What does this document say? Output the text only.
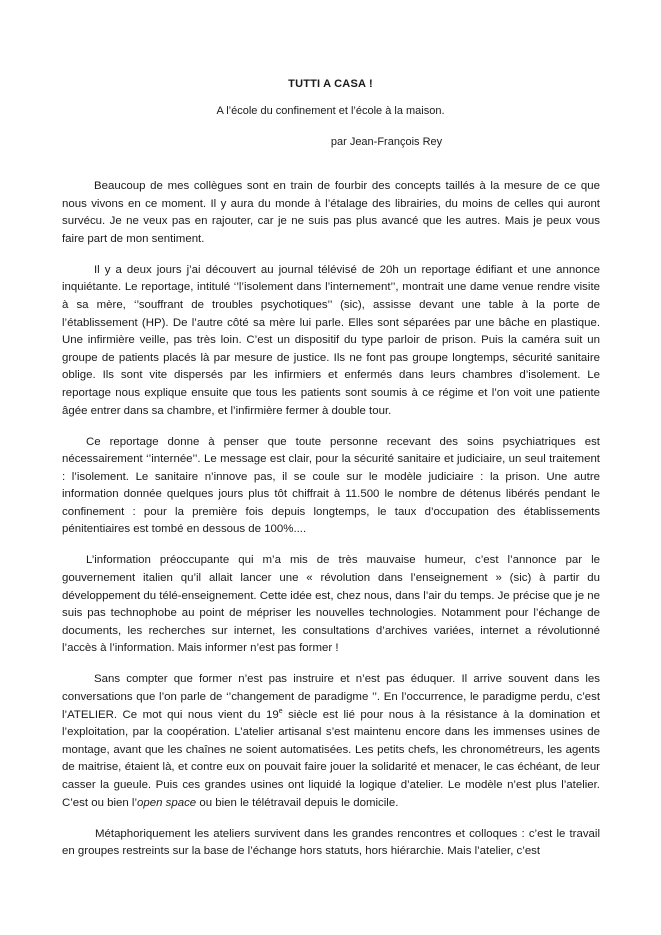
TUTTI A CASA !
A l’école du confinement et l’école à la maison.
par Jean-François Rey

Beaucoup de mes collègues sont en train de fourbir des concepts taillés à la mesure de ce que nous vivons en ce moment. Il y aura du monde à l’étalage des librairies, du moins de celles qui auront survécu. Je ne veux pas en rajouter, car je ne suis pas plus avancé que les autres. Mais je peux vous faire part de mon sentiment.

Il y a deux jours j’ai découvert au journal télévisé de 20h un reportage édifiant et une annonce inquiétante. Le reportage, intitulé ‘’l’isolement dans l’internement’’, montrait une dame venue rendre visite à sa mère, ‘’souffrant de troubles psychotiques’’ (sic), assisse devant une table à la porte de l’établissement (HP). De l’autre côté sa mère lui parle. Elles sont séparées par une bâche en plastique. Une infirmière veille, pas très loin. C’est un dispositif du type parloir de prison. Puis la caméra suit un groupe de patients placés là par mesure de justice. Ils ne font pas groupe longtemps, sécurité sanitaire oblige. Ils sont vite dispersés par les infirmiers et enfermés dans leurs chambres d’isolement. Le reportage nous explique ensuite que tous les patients sont soumis à ce régime et l’on voit une patiente âgée entrer dans sa chambre, et l’infirmière fermer à double tour.

Ce reportage donne à penser que toute personne recevant des soins psychiatriques est nécessairement ‘’internée’’. Le message est clair, pour la sécurité sanitaire et judiciaire, un seul traitement : l’isolement. Le sanitaire n’innove pas, il se coule sur le modèle judiciaire : la prison. Une autre information donnée quelques jours plus tôt chiffrait à 11.500 le nombre de détenus libérés pendant le confinement : pour la première fois depuis longtemps, le taux d’occupation des établissements pénitentiaires est tombé en dessous de 100%....

L’information préoccupante qui m’a mis de très mauvaise humeur, c’est l’annonce par le gouvernement italien qu’il allait lancer une « révolution dans l’enseignement » (sic) à partir du développement du télé-enseignement. Cette idée est, chez nous, dans l’air du temps. Je précise que je ne suis pas technophobe au point de mépriser les nouvelles technologies. Notamment pour l’échange de documents, les recherches sur internet, les consultations d’archives variées, internet a révolutionné l’accès à l’information. Mais informer n’est pas former !

Sans compter que former n’est pas instruire et n’est pas éduquer. Il arrive souvent dans les conversations que l’on parle de ‘’changement de paradigme ’’. En l’occurrence, le paradigme perdu, c’est l’ATELIER. Ce mot qui nous vient du 19e siècle est lié pour nous à la résistance à la domination et l’exploitation, par la coopération. L’atelier artisanal s’est maintenu encore dans les immenses usines de montage, avant que les chaînes ne soient automatisées. Les petits chefs, les chronométreurs, les agents de maitrise, étaient là, et contre eux on pouvait faire jouer la solidarité et menacer, le cas échéant, de leur casser la gueule. Puis ces grandes usines ont liquidé la logique d’atelier. Le modèle n’est plus l’atelier. C’est ou bien l’open space ou bien le télétravail depuis le domicile.

Métaphoriquement les ateliers survivent dans les grandes rencontres et colloques : c’est le travail en groupes restreints sur la base de l’échange hors statuts, hors hiérarchie. Mais l’atelier, c’est
